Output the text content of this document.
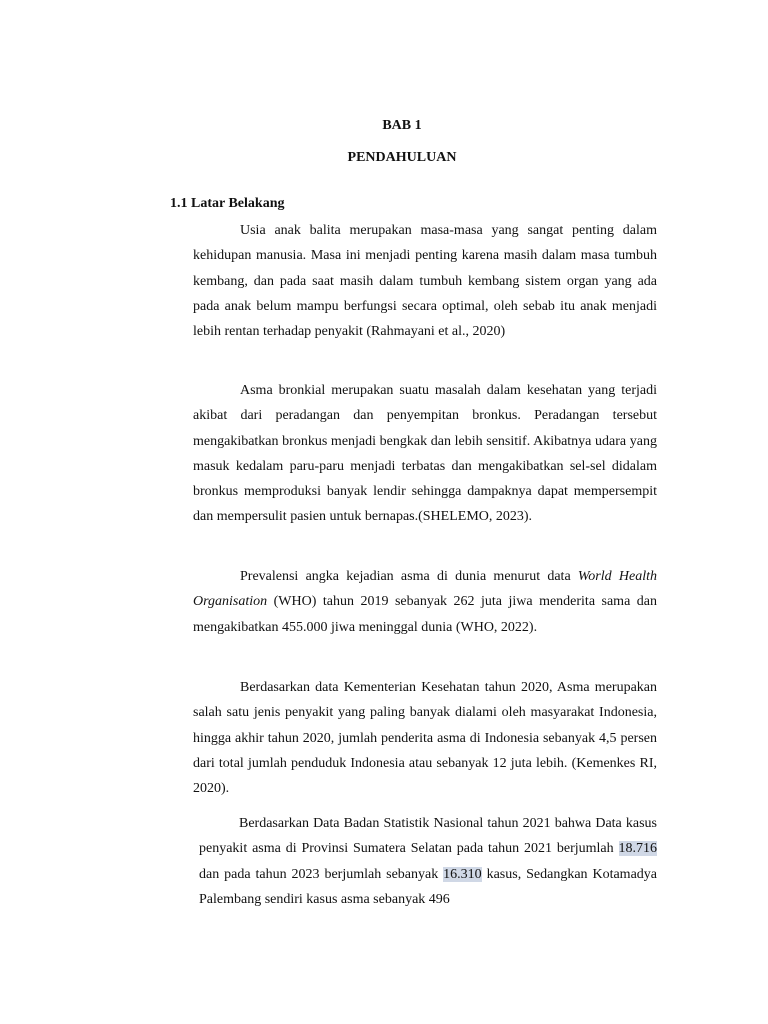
BAB 1
PENDAHULUAN
1.1 Latar Belakang

Usia anak balita merupakan masa-masa yang sangat penting dalam kehidupan manusia. Masa ini menjadi penting karena masih dalam masa tumbuh kembang, dan pada saat masih dalam tumbuh kembang sistem organ yang ada pada anak belum mampu berfungsi secara optimal, oleh sebab itu anak menjadi lebih rentan terhadap penyakit (Rahmayani et al., 2020)

Asma bronkial merupakan suatu masalah dalam kesehatan yang terjadi akibat dari peradangan dan penyempitan bronkus. Peradangan tersebut mengakibatkan bronkus menjadi bengkak dan lebih sensitif. Akibatnya udara yang masuk kedalam paru-paru menjadi terbatas dan mengakibatkan sel-sel didalam bronkus memproduksi banyak lendir sehingga dampaknya dapat mempersempit dan mempersulit pasien untuk bernapas.(SHELEMO, 2023).

Prevalensi angka kejadian asma di dunia menurut data World Health Organisation (WHO) tahun 2019 sebanyak 262 juta jiwa menderita sama dan mengakibatkan 455.000 jiwa meninggal dunia (WHO, 2022).

Berdasarkan data Kementerian Kesehatan tahun 2020, Asma merupakan salah satu jenis penyakit yang paling banyak dialami oleh masyarakat Indonesia, hingga akhir tahun 2020, jumlah penderita asma di Indonesia sebanyak 4,5 persen dari total jumlah penduduk Indonesia atau sebanyak 12 juta lebih. (Kemenkes RI, 2020).

Berdasarkan Data Badan Statistik Nasional tahun 2021 bahwa Data kasus penyakit asma di Provinsi Sumatera Selatan pada tahun 2021 berjumlah 18.716 dan pada tahun 2023 berjumlah sebanyak 16.310 kasus, Sedangkan Kotamadya Palembang sendiri kasus asma sebanyak 496
